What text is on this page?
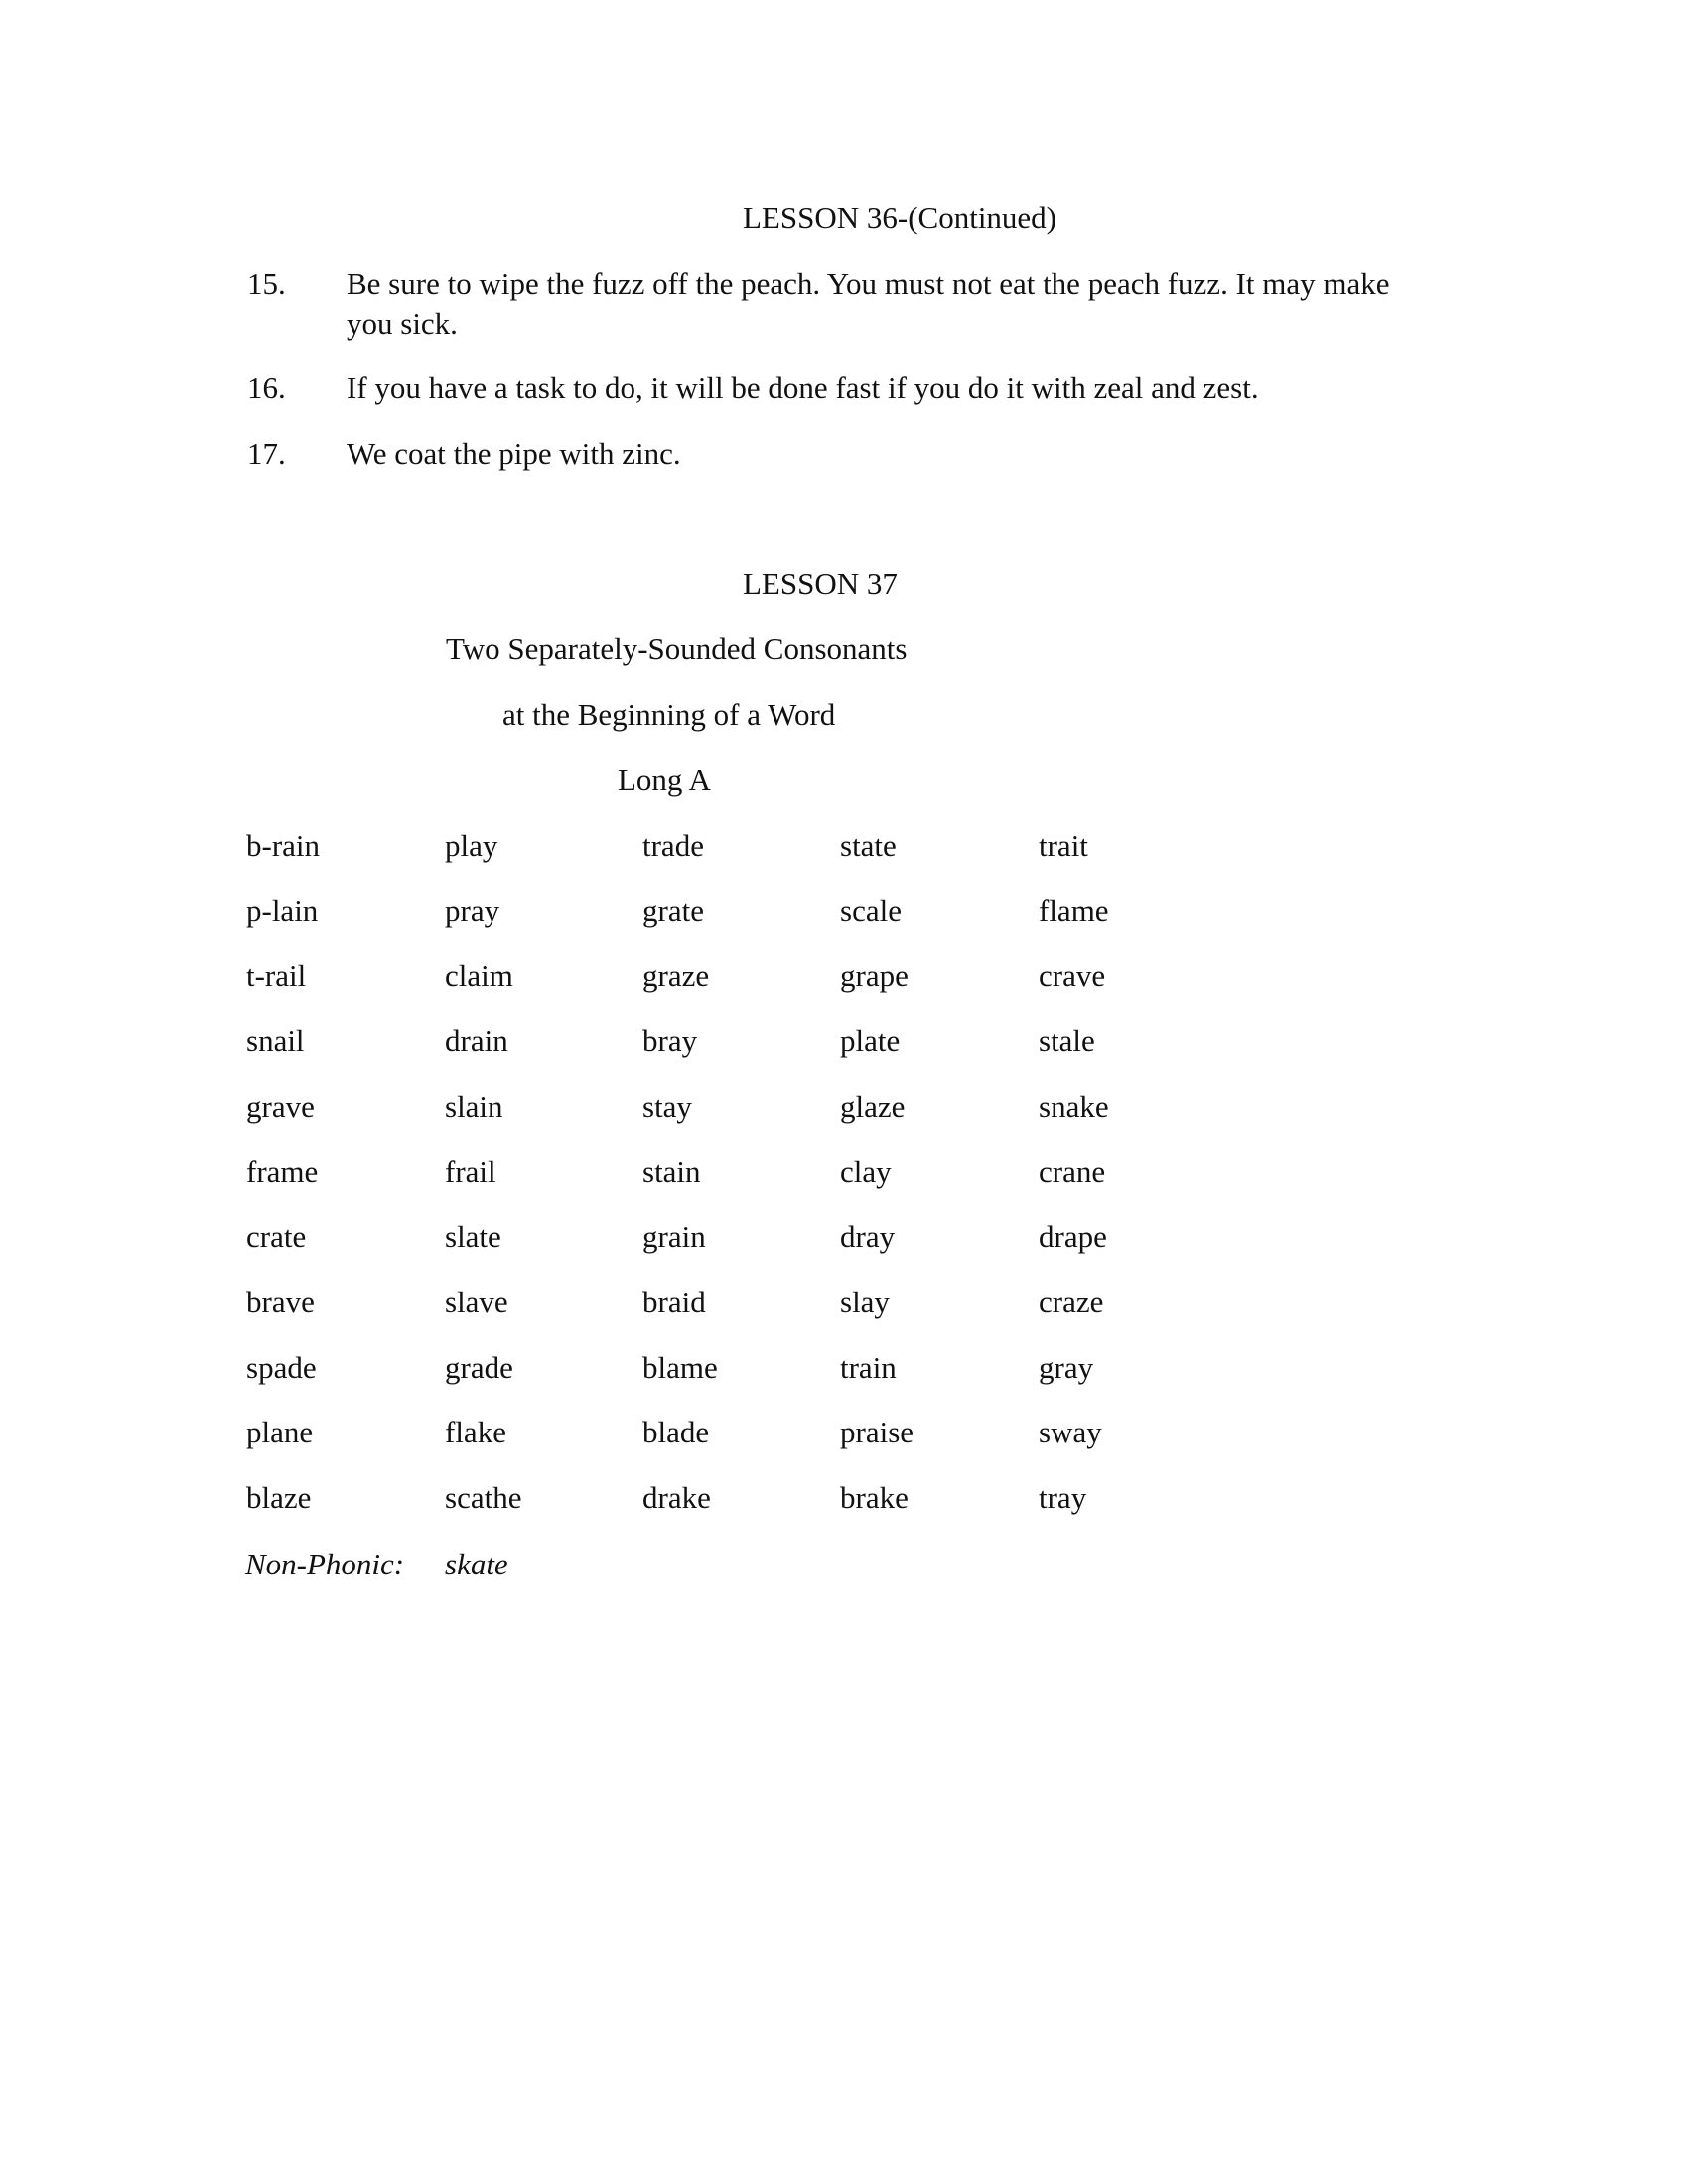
LESSON 36-(Continued)
15. Be sure to wipe the fuzz off the peach. You must not eat the peach fuzz. It may make you sick.
16. If you have a task to do, it will be done fast if you do it with zeal and zest.
17. We coat the pipe with zinc.
LESSON 37
Two Separately-Sounded Consonants
at the Beginning of a Word
Long A
b-rain	play	trade	state	trait
p-lain	pray	grate	scale	flame
t-rail	claim	graze	grape	crave
snail	drain	bray	plate	stale
grave	slain	stay	glaze	snake
frame	frail	stain	clay	crane
crate	slate	grain	dray	drape
brave	slave	braid	slay	craze
spade	grade	blame	train	gray
plane	flake	blade	praise	sway
blaze	scathe	drake	brake	tray
Non-Phonic: skate
